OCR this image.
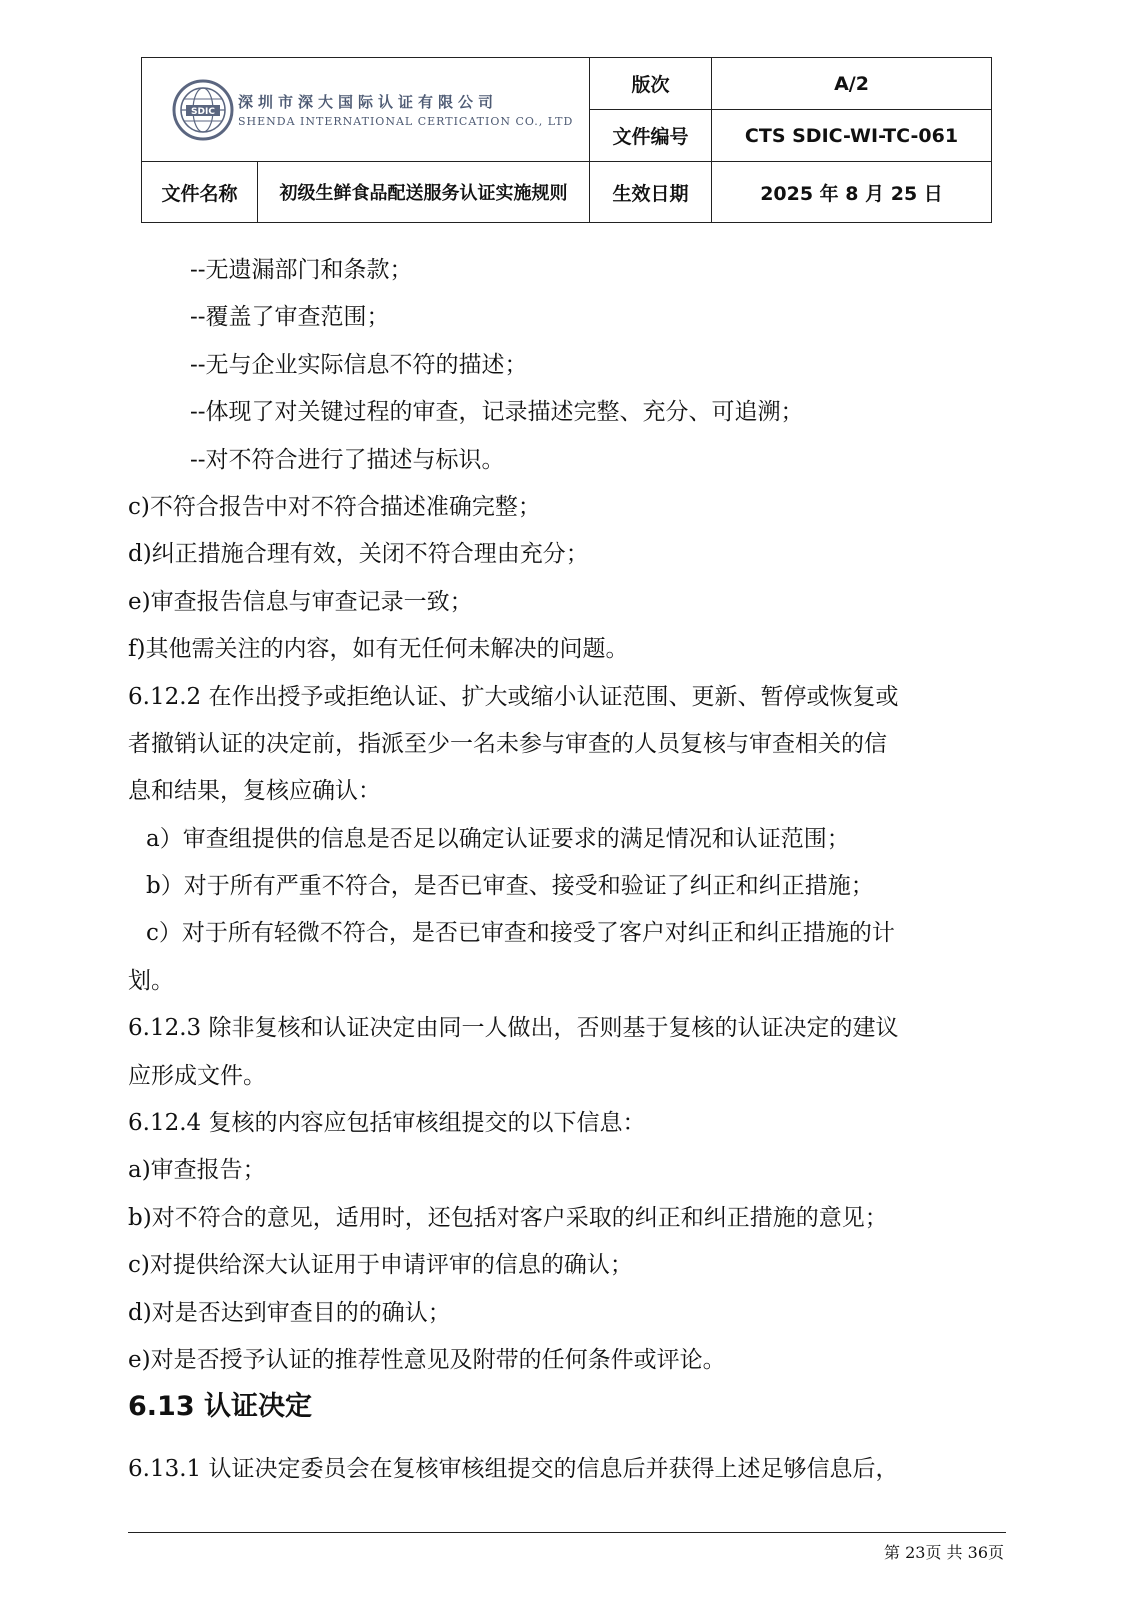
SDIC
深圳市深大国际认证有限公司
SHENDA INTERNATIONAL CERTICATION CO., LTD		版次	A/2
		文件编号	CTS SDIC-WI-TC-061
文件名称	初级生鲜食品配送服务认证实施规则	生效日期	2025 年 8 月 25 日
--无遗漏部门和条款；
--覆盖了审查范围；
--无与企业实际信息不符的描述；
--体现了对关键过程的审查，记录描述完整、充分、可追溯；
--对不符合进行了描述与标识。
c)不符合报告中对不符合描述准确完整；
d)纠正措施合理有效，关闭不符合理由充分；
e)审查报告信息与审查记录一致；
f)其他需关注的内容，如有无任何未解决的问题。
6.12.2 在作出授予或拒绝认证、扩大或缩小认证范围、更新、暂停或恢复或
者撤销认证的决定前，指派至少一名未参与审查的人员复核与审查相关的信
息和结果，复核应确认：
a）审查组提供的信息是否足以确定认证要求的满足情况和认证范围；
b）对于所有严重不符合，是否已审查、接受和验证了纠正和纠正措施；
c）对于所有轻微不符合，是否已审查和接受了客户对纠正和纠正措施的计
划。
6.12.3 除非复核和认证决定由同一人做出，否则基于复核的认证决定的建议
应形成文件。
6.12.4 复核的内容应包括审核组提交的以下信息：
a)审查报告；
b)对不符合的意见，适用时，还包括对客户采取的纠正和纠正措施的意见；
c)对提供给深大认证用于申请评审的信息的确认；
d)对是否达到审查目的的确认；
e)对是否授予认证的推荐性意见及附带的任何条件或评论。
6.13 认证决定
6.13.1 认证决定委员会在复核审核组提交的信息后并获得上述足够信息后，
第 23页 共 36页
